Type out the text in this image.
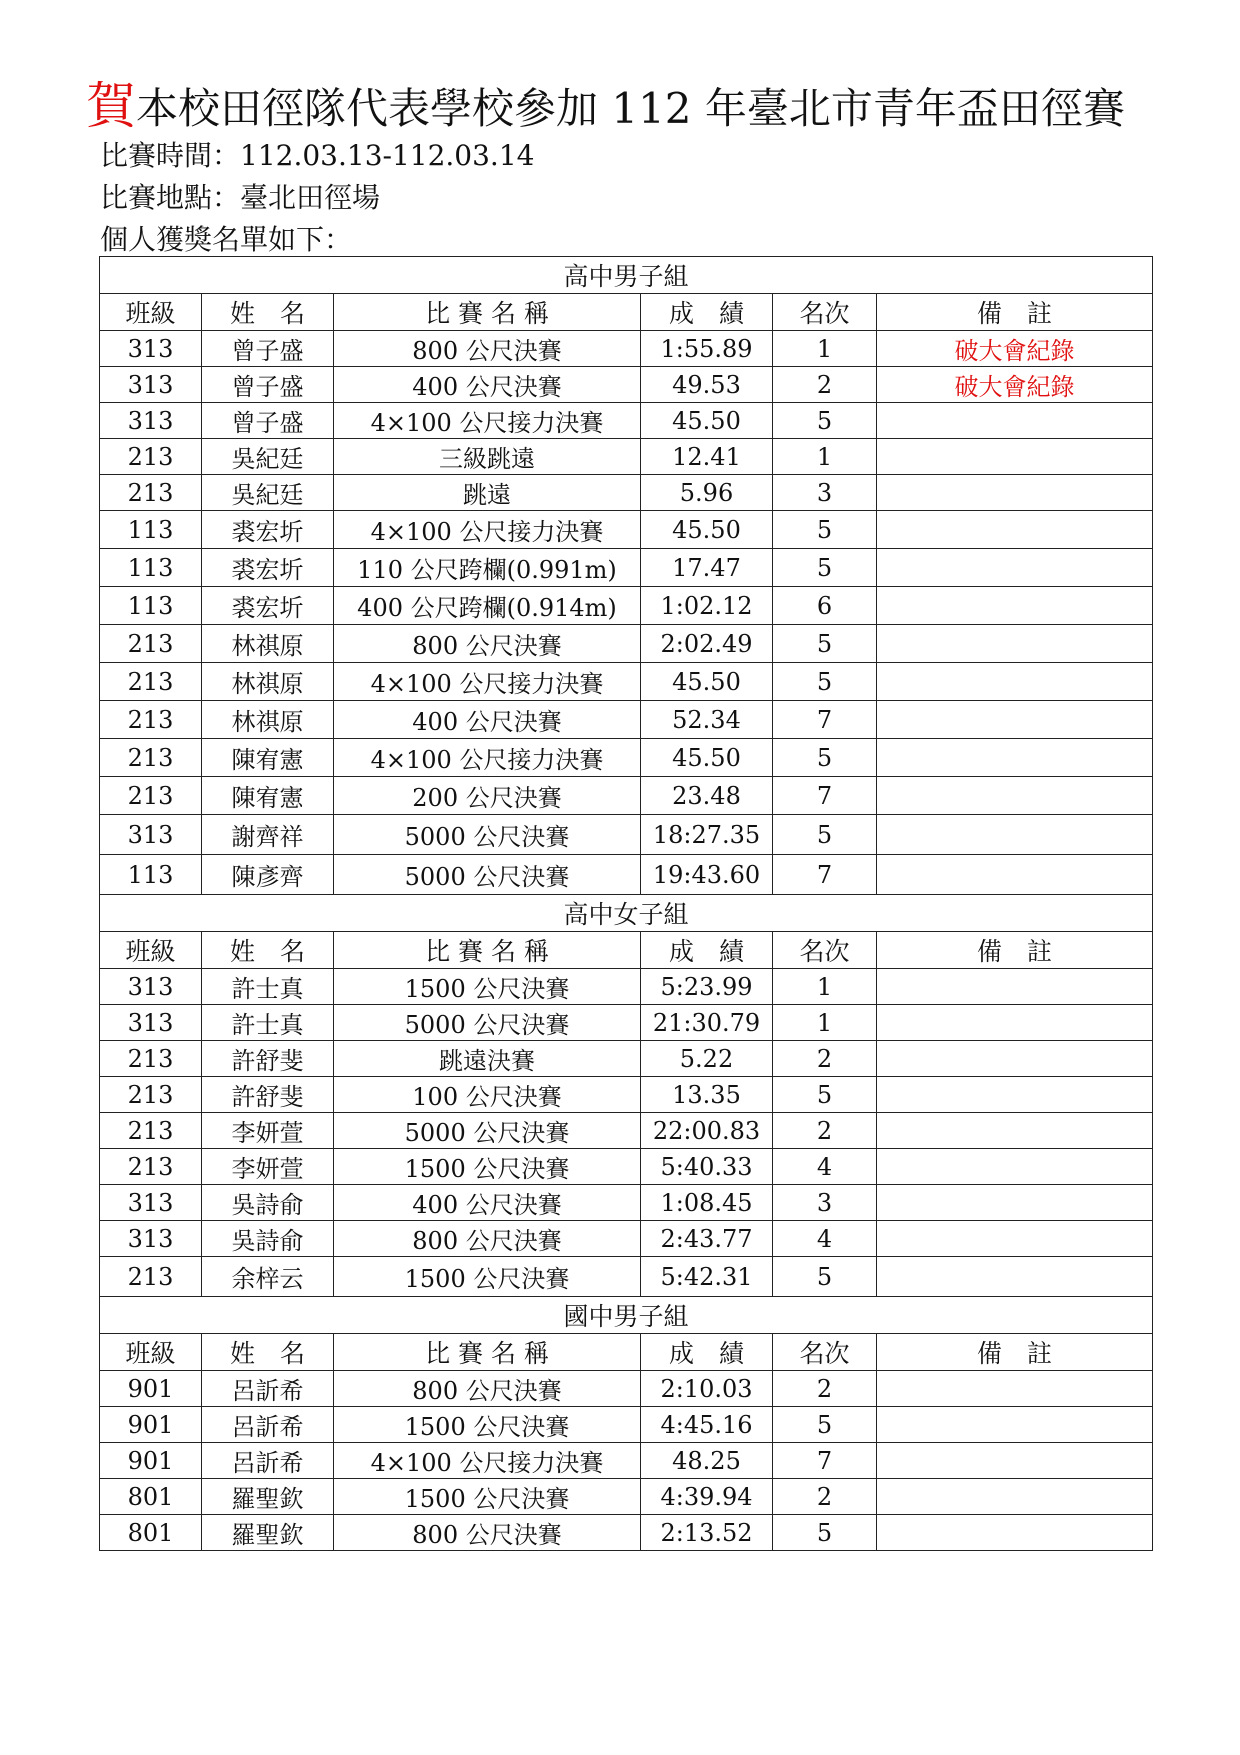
賀本校田徑隊代表學校參加 112 年臺北市青年盃田徑賽
比賽時間：112.03.13-112.03.14
比賽地點：臺北田徑場
個人獲獎名單如下：
高中男子組					
班級	姓　名	比 賽 名 稱	成　績	名次	備　註
313	曾子盛	800 公尺決賽	1:55.89	1	破大會紀錄
313	曾子盛	400 公尺決賽	49.53	2	破大會紀錄
313	曾子盛	4×100 公尺接力決賽	45.50	5	
213	吳紀廷	三級跳遠	12.41	1	
213	吳紀廷	跳遠	5.96	3	
113	裘宏圻	4×100 公尺接力決賽	45.50	5	
113	裘宏圻	110 公尺跨欄(0.991m)	17.47	5	
113	裘宏圻	400 公尺跨欄(0.914m)	1:02.12	6	
213	林祺原	800 公尺決賽	2:02.49	5	
213	林祺原	4×100 公尺接力決賽	45.50	5	
213	林祺原	400 公尺決賽	52.34	7	
213	陳宥憲	4×100 公尺接力決賽	45.50	5	
213	陳宥憲	200 公尺決賽	23.48	7	
313	謝齊祥	5000 公尺決賽	18:27.35	5	
113	陳彥齊	5000 公尺決賽	19:43.60	7	
高中女子組					
班級	姓　名	比 賽 名 稱	成　績	名次	備　註
313	許士真	1500 公尺決賽	5:23.99	1	
313	許士真	5000 公尺決賽	21:30.79	1	
213	許舒斐	跳遠決賽	5.22	2	
213	許舒斐	100 公尺決賽	13.35	5	
213	李妍萱	5000 公尺決賽	22:00.83	2	
213	李妍萱	1500 公尺決賽	5:40.33	4	
313	吳詩俞	400 公尺決賽	1:08.45	3	
313	吳詩俞	800 公尺決賽	2:43.77	4	
213	余梓云	1500 公尺決賽	5:42.31	5	
國中男子組					
班級	姓　名	比 賽 名 稱	成　績	名次	備　註
901	呂訢希	800 公尺決賽	2:10.03	2	
901	呂訢希	1500 公尺決賽	4:45.16	5	
901	呂訢希	4×100 公尺接力決賽	48.25	7	
801	羅聖欽	1500 公尺決賽	4:39.94	2	
801	羅聖欽	800 公尺決賽	2:13.52	5	
